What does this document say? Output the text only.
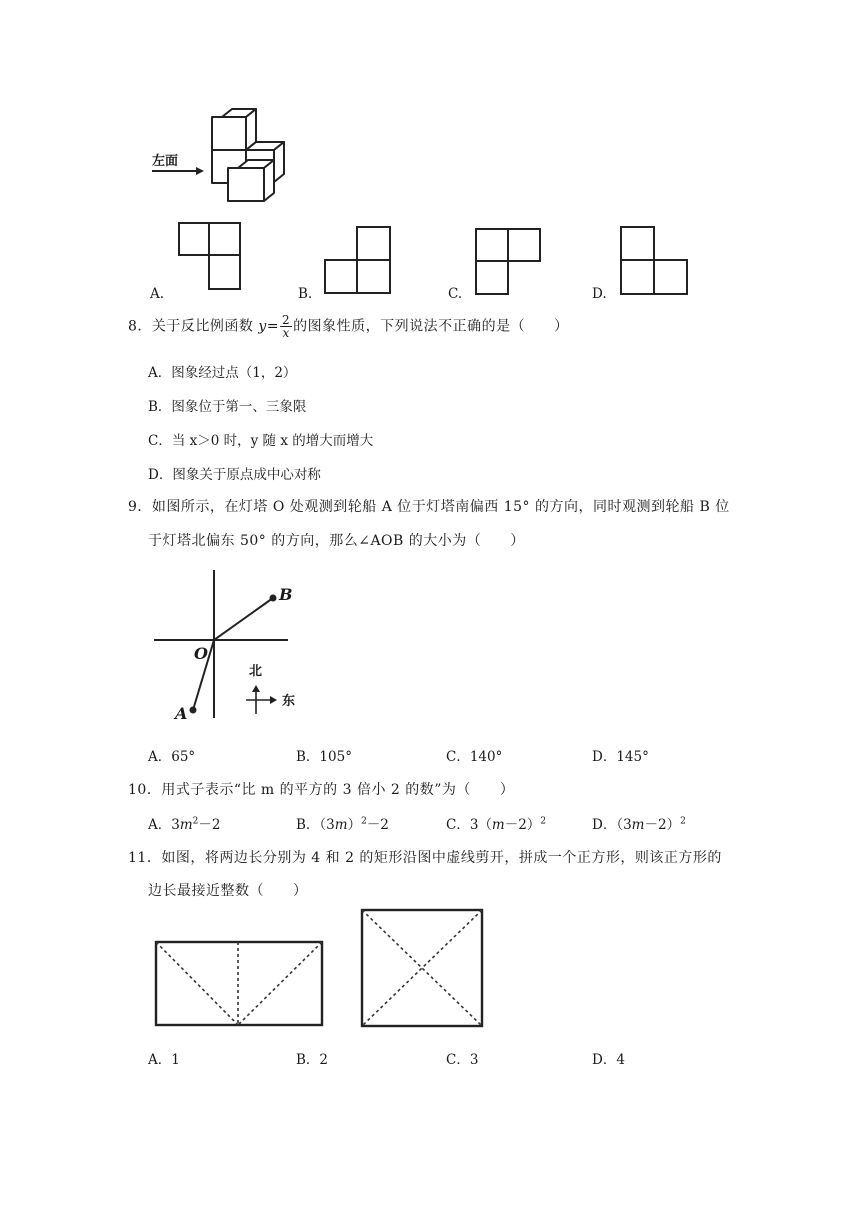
左面
A.	B.	C.	D.
8．关于反比例函数 $y= \frac{2}{x}$ 的图象性质，下列说法不正确的是（　　）
A．图象经过点（1，2）
B．图象位于第一、三象限
C．当 x＞0 时，y 随 x 的增大而增大
D．图象关于原点成中心对称
9．如图所示，在灯塔 O 处观测到轮船 A 位于灯塔南偏西 15° 的方向，同时观测到轮船 B 位
于灯塔北偏东 50° 的方向，那么∠AOB 的大小为（　　）
B
O
A
北
东
A．65°	B．105°	C．140°	D．145°
10．用式子表示“比 m 的平方的 3 倍小 2 的数”为（　　）
A．$3m^2-2$	B．$(3m)^2-2$	C．$3(m-2)^2$	D．$(3m-2)^2$
11．如图，将两边长分别为 4 和 2 的矩形沿图中虚线剪开，拼成一个正方形，则该正方形的
边长最接近整数（　　）
A．1	B．2	C．3	D．4
